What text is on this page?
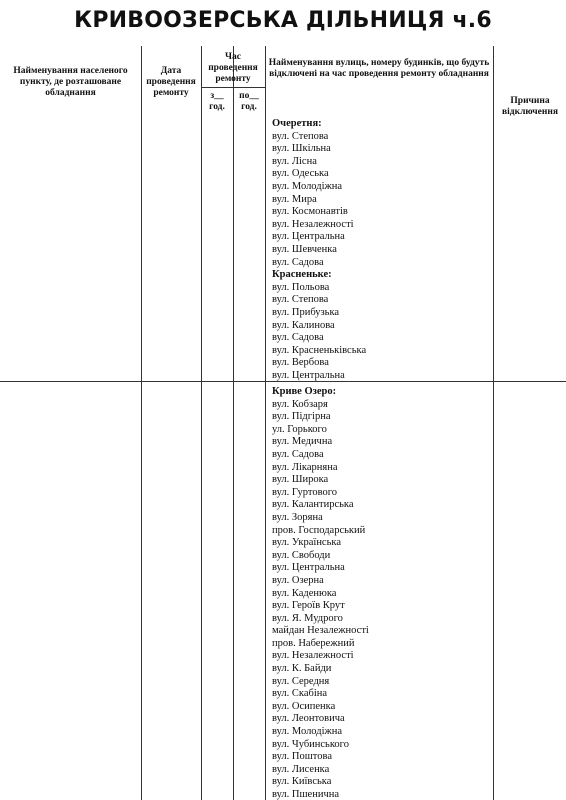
КРИВООЗЕРСЬКА ДІЛЬНИЦЯ ч.6
Найменування населеного пункту, де розташоване обладнання
Дата проведення ремонту
Час проведення ремонту
з__ год.
по__ год.
Найменування вулиць, номеру будинків, що будуть відключені на час проведення ремонту обладнання
Причина відключення
Очеретня:
вул. Степова
вул. Шкільна
вул. Лісна
вул. Одеська
вул. Молодіжна
вул. Мира
вул. Космонавтів
вул. Незалежності
вул. Центральна
вул. Шевченка
вул. Садова
Красненьке:
вул. Польова
вул. Степова
вул. Прибузька
вул. Калинова
вул. Садова
вул. Красненьківська
вул. Вербова
вул. Центральна
Криве Озеро:
вул. Кобзаря
вул. Підгірна
ул. Горького
вул. Медична
вул. Садова
вул. Лікарняна
вул. Широка
вул. Гуртового
вул. Калантирська
вул. Зоряна
пров. Господарський
вул. Українська
вул. Свободи
вул. Центральна
вул. Озерна
вул. Каденюка
вул. Героїв Крут
вул. Я. Мудрого
майдан Незалежності
пров. Набережний
вул. Незалежності
вул. К. Байди
вул. Середня
вул. Скабіна
вул. Осипенка
вул. Леонтовича
вул. Молодіжна
вул. Чубинського
вул. Поштова
вул. Лисенка
вул. Київська
вул. Пшенична
